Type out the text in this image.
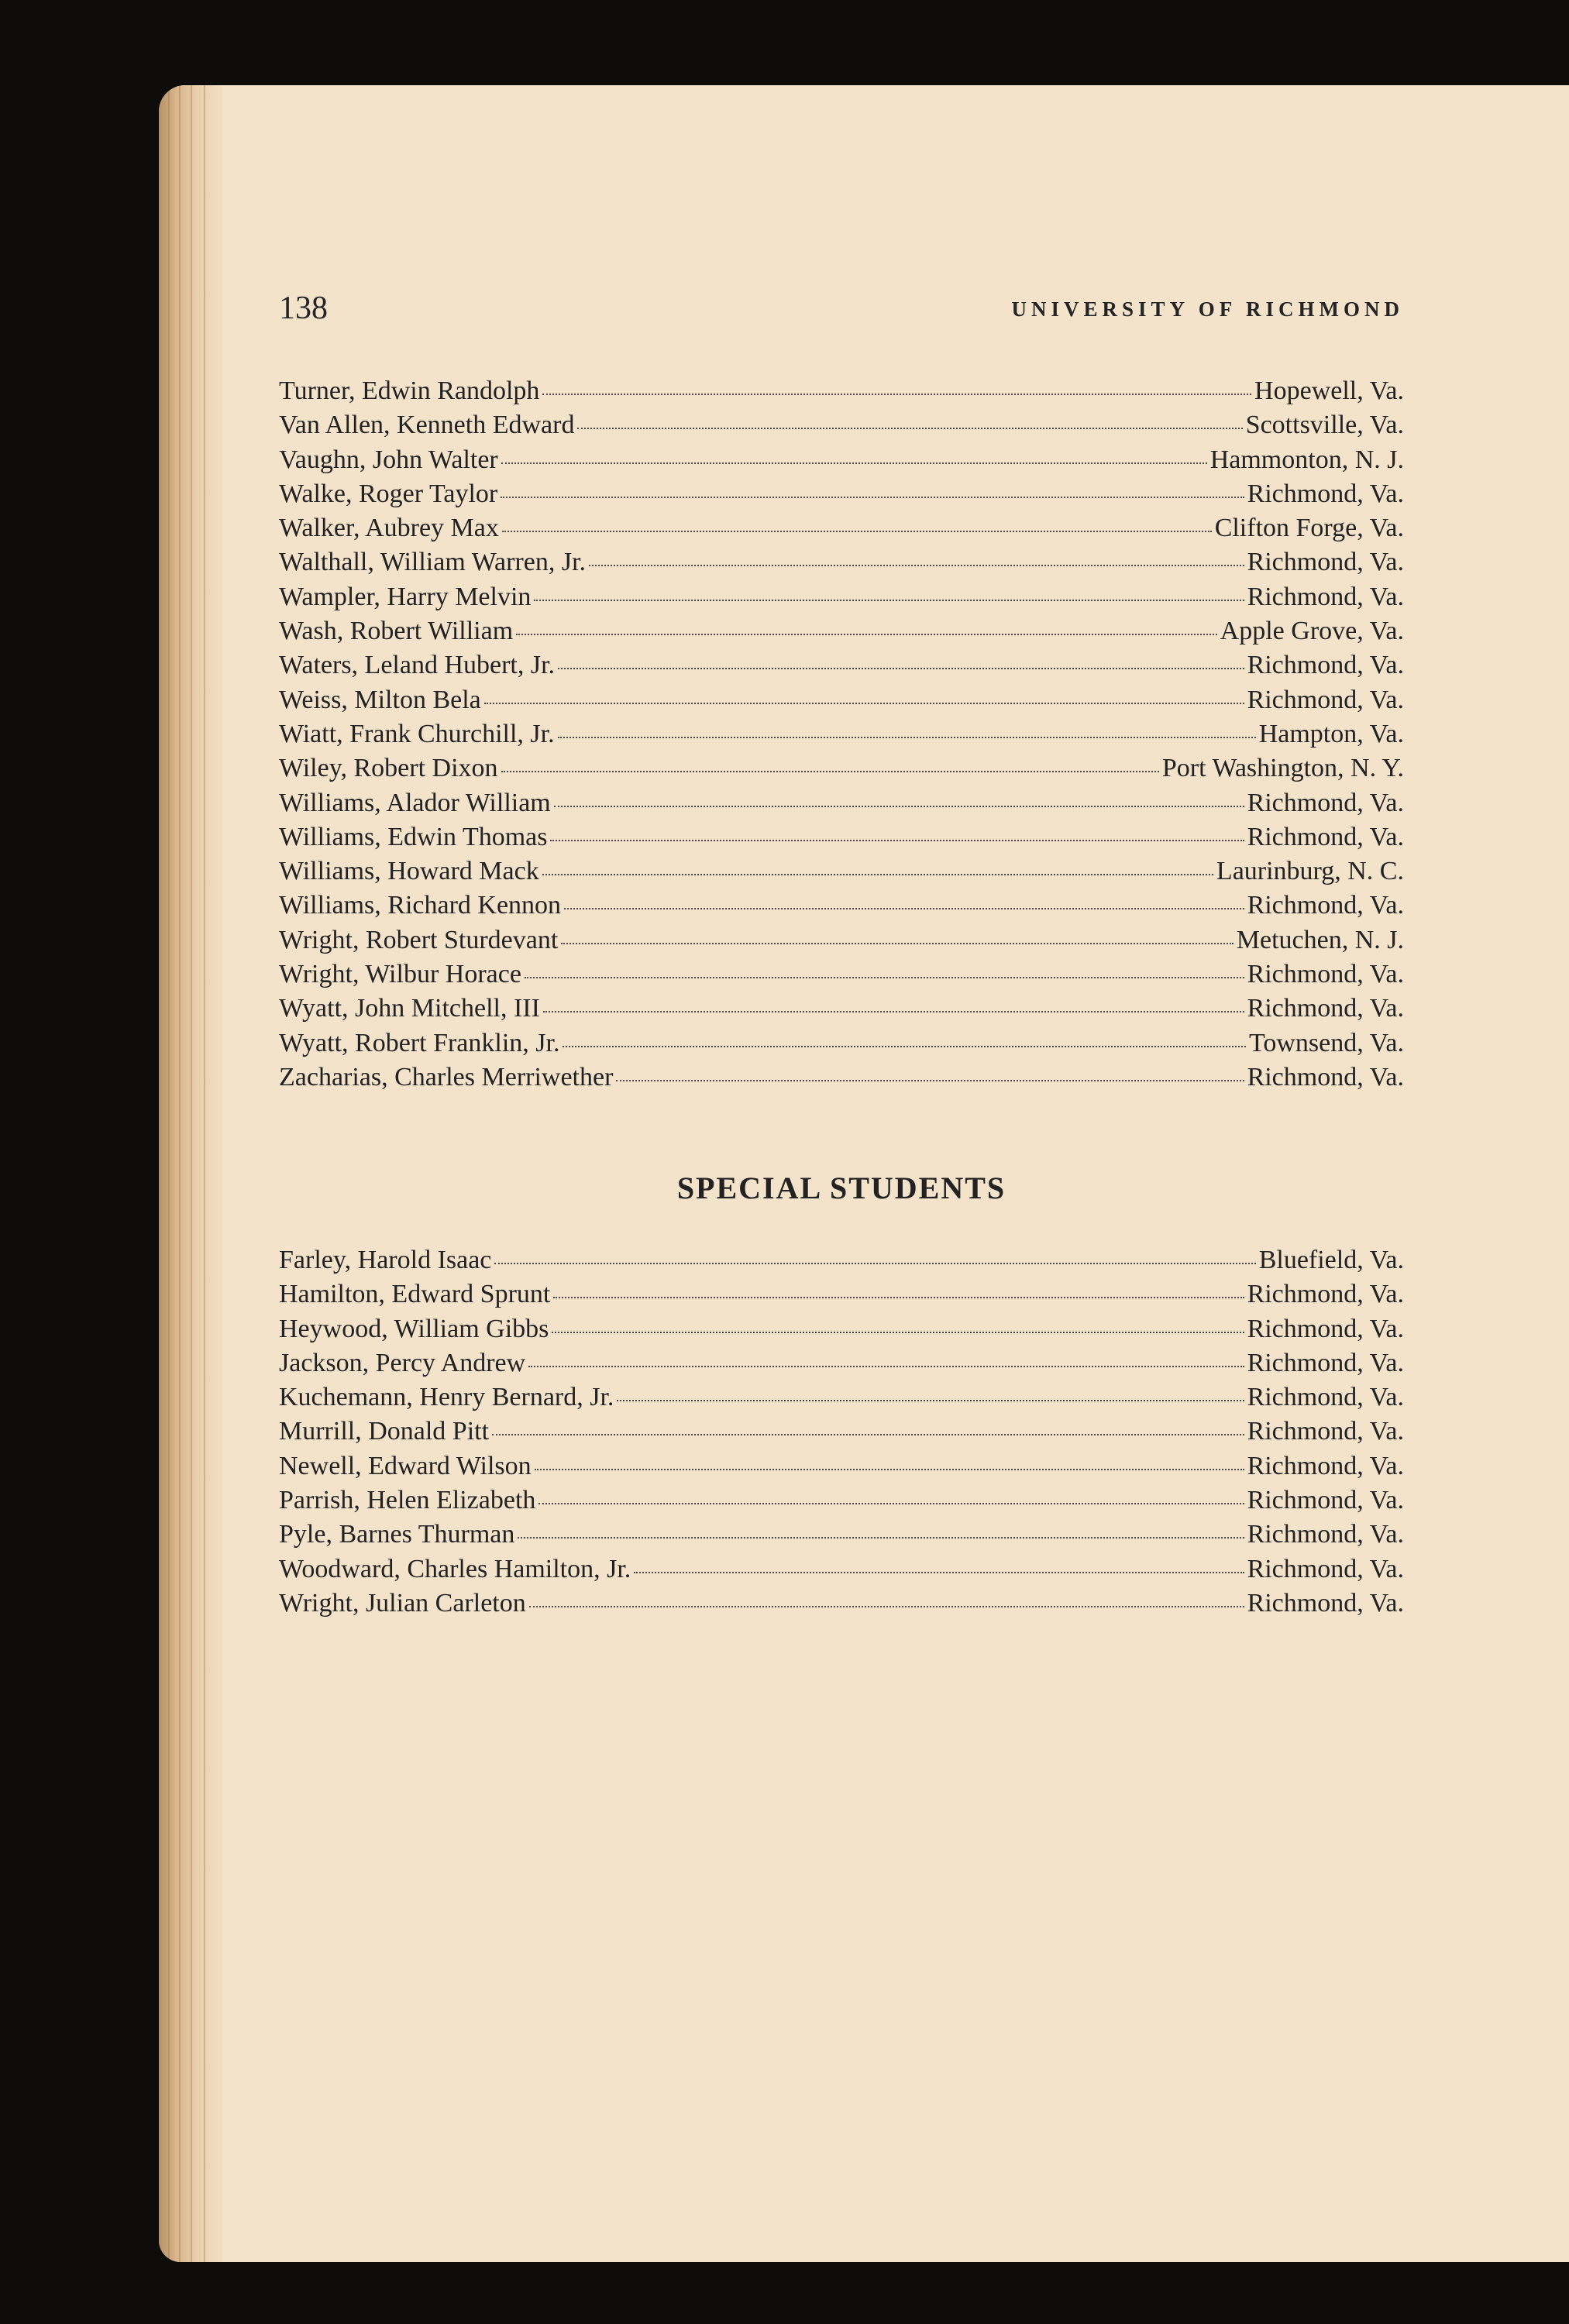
138	UNIVERSITY OF RICHMOND
Turner, Edwin Randolph	Hopewell, Va.
Van Allen, Kenneth Edward	Scottsville, Va.
Vaughn, John Walter	Hammonton, N. J.
Walke, Roger Taylor	Richmond, Va.
Walker, Aubrey Max	Clifton Forge, Va.
Walthall, William Warren, Jr.	Richmond, Va.
Wampler, Harry Melvin	Richmond, Va.
Wash, Robert William	Apple Grove, Va.
Waters, Leland Hubert, Jr.	Richmond, Va.
Weiss, Milton Bela	Richmond, Va.
Wiatt, Frank Churchill, Jr.	Hampton, Va.
Wiley, Robert Dixon	Port Washington, N. Y.
Williams, Alador William	Richmond, Va.
Williams, Edwin Thomas	Richmond, Va.
Williams, Howard Mack	Laurinburg, N. C.
Williams, Richard Kennon	Richmond, Va.
Wright, Robert Sturdevant	Metuchen, N. J.
Wright, Wilbur Horace	Richmond, Va.
Wyatt, John Mitchell, III	Richmond, Va.
Wyatt, Robert Franklin, Jr.	Townsend, Va.
Zacharias, Charles Merriwether	Richmond, Va.
SPECIAL STUDENTS
Farley, Harold Isaac	Bluefield, Va.
Hamilton, Edward Sprunt	Richmond, Va.
Heywood, William Gibbs	Richmond, Va.
Jackson, Percy Andrew	Richmond, Va.
Kuchemann, Henry Bernard, Jr.	Richmond, Va.
Murrill, Donald Pitt	Richmond, Va.
Newell, Edward Wilson	Richmond, Va.
Parrish, Helen Elizabeth	Richmond, Va.
Pyle, Barnes Thurman	Richmond, Va.
Woodward, Charles Hamilton, Jr.	Richmond, Va.
Wright, Julian Carleton	Richmond, Va.
